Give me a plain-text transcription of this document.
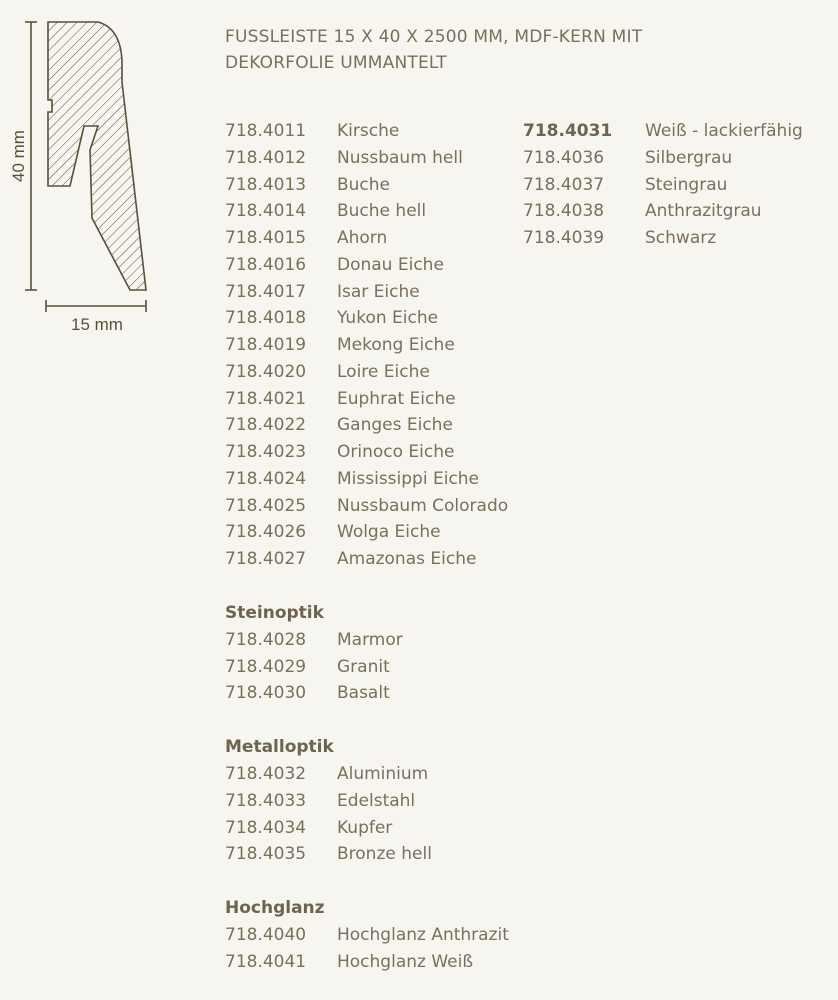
40 mm
15 mm
FUSSLEISTE 15 X 40 X 2500 MM, MDF-KERN MIT
DEKORFOLIE UMMANTELT
718.4011	Kirsche
718.4012	Nussbaum hell
718.4013	Buche
718.4014	Buche hell
718.4015	Ahorn
718.4016	Donau Eiche
718.4017	Isar Eiche
718.4018	Yukon Eiche
718.4019	Mekong Eiche
718.4020	Loire Eiche
718.4021	Euphrat Eiche
718.4022	Ganges Eiche
718.4023	Orinoco Eiche
718.4024	Mississippi Eiche
718.4025	Nussbaum Colorado
718.4026	Wolga Eiche
718.4027	Amazonas Eiche
Steinoptik
718.4028	Marmor
718.4029	Granit
718.4030	Basalt
Metalloptik
718.4032	Aluminium
718.4033	Edelstahl
718.4034	Kupfer
718.4035	Bronze hell
Hochglanz
718.4040	Hochglanz Anthrazit
718.4041	Hochglanz Weiß
718.4031	Weiß - lackierfähig
718.4036	Silbergrau
718.4037	Steingrau
718.4038	Anthrazitgrau
718.4039	Schwarz
